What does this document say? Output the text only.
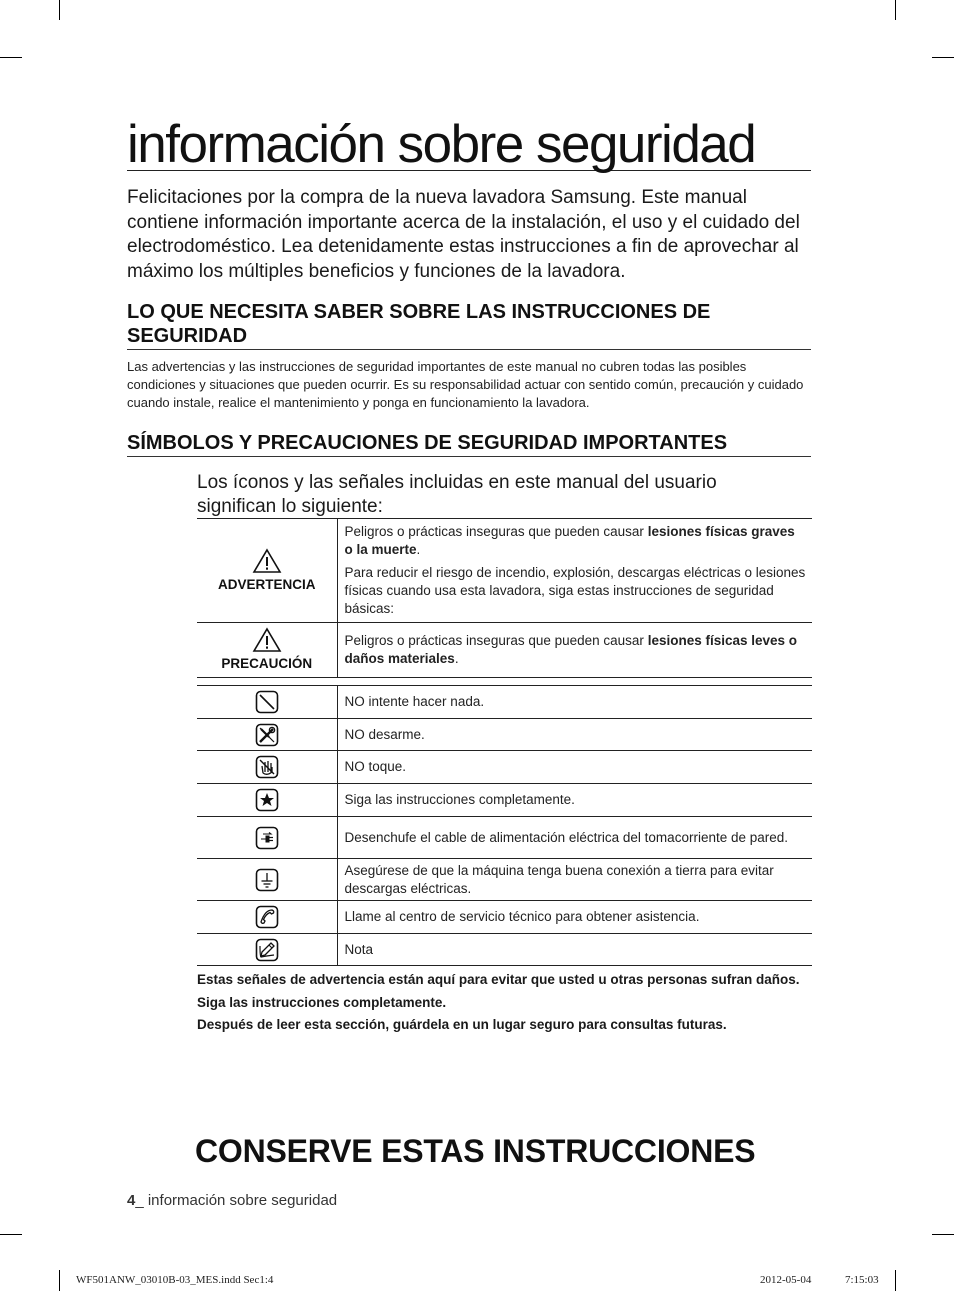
información sobre seguridad

Felicitaciones por la compra de la nueva lavadora Samsung. Este manual contiene información importante acerca de la instalación, el uso y el cuidado del electrodoméstico. Lea detenidamente estas instrucciones a fin de aprovechar al máximo los múltiples beneficios y funciones de la lavadora.

LO QUE NECESITA SABER SOBRE LAS INSTRUCCIONES DE SEGURIDAD

Las advertencias y las instrucciones de seguridad importantes de este manual no cubren todas las posibles condiciones y situaciones que pueden ocurrir. Es su responsabilidad actuar con sentido común, precaución y cuidado cuando instale, realice el mantenimiento y ponga en funcionamiento la lavadora.

SÍMBOLOS Y PRECAUCIONES DE SEGURIDAD IMPORTANTES

Los íconos y las señales incluidas en este manual del usuario significan lo siguiente:

ADVERTENCIA	Peligros o prácticas inseguras que pueden causar lesiones físicas graves o la muerte.

Para reducir el riesgo de incendio, explosión, descargas eléctricas o lesiones físicas cuando usa esta lavadora, siga estas instrucciones de seguridad básicas:

PRECAUCIÓN	Peligros o prácticas inseguras que pueden causar lesiones físicas leves o daños materiales.

	NO intente hacer nada.

	NO desarme.

	NO toque.

	Siga las instrucciones completamente.

	Desenchufe el cable de alimentación eléctrica del tomacorriente de pared.

	Asegúrese de que la máquina tenga buena conexión a tierra para evitar descargas eléctricas.

	Llame al centro de servicio técnico para obtener asistencia.

	Nota

Estas señales de advertencia están aquí para evitar que usted u otras personas sufran daños.

Siga las instrucciones completamente.

Después de leer esta sección, guárdela en un lugar seguro para consultas futuras.

CONSERVE ESTAS INSTRUCCIONES
4_ información sobre seguridad
WF501ANW_03010B-03_MES.indd Sec1:4	2012-05-04	7:15:03
